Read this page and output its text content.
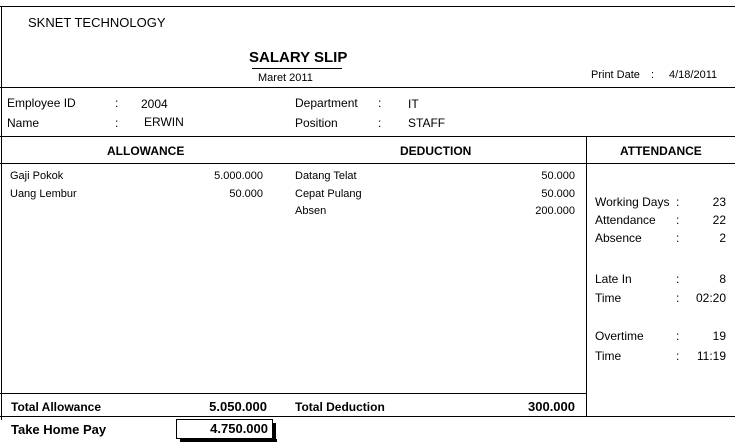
SKNET TECHNOLOGY
SALARY SLIP
Maret 2011	Print Date : 4/18/2011
Employee ID	: 2004
Name	: ERWIN
Department : IT
Position	: STAFF
ALLOWANCE	DEDUCTION	ATTENDANCE
Gaji Pokok	5.000.000
Uang Lembur	50.000
Datang Telat	50.000
Cepat Pulang	50.000
Absen	200.000
Working Days :	23
Attendance :	22
Absence	:	2
Late In	:	8
Time	: 02:20
Overtime	:	19
Time	: 11:19
Total Allowance	5.050.000 Total Deduction	300.000
Take Home Pay	4.750.000
